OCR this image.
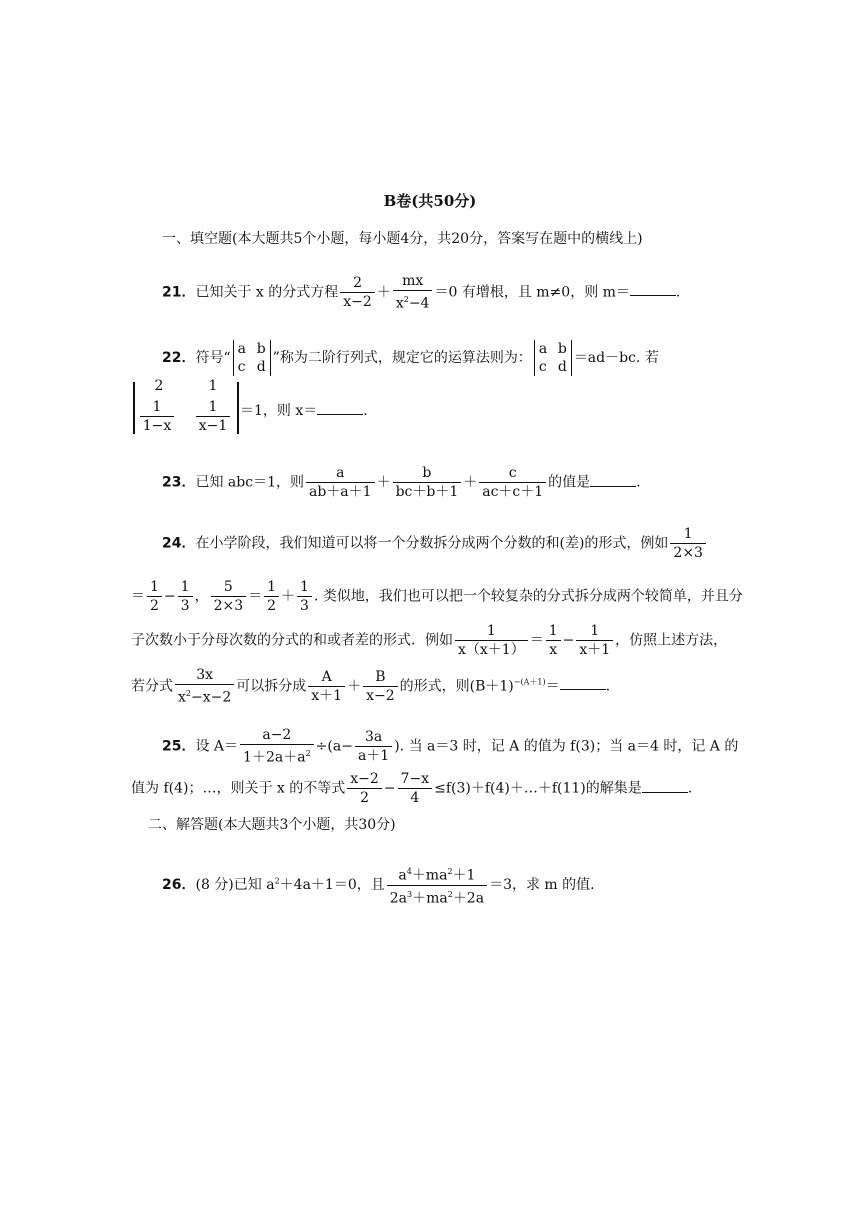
B卷(共50分)
一、填空题(本大题共5个小题，每小题4分，共20分，答案写在题中的横线上)
21．已知关于 x 的分式方程 $\frac{2}{x-2} + \frac{mx}{x^2-4} =0$ 有增根，且 m≠0，则 m＝	.
22．符号“
a b
c d
”称为二阶行列式，规定它的运算法则为：
a b
c d
＝ad－bc. 若
2	1
$\frac{1}{1-x} \frac{1}{x-1} =1$，则 x＝	.
23．已知 abc＝1，则 $\frac{a}{ab+a+1} + \frac{b}{bc+b+1} + \frac{c}{ac+c+1}$ 的值是	.
24．在小学阶段，我们知道可以将一个分数拆分成两个分数的和(差)的形式，例如 $\frac{1}{2\times 3}$
＝ $\frac{1}{2} - \frac{1}{3}$ ， $\frac{5}{2\times 3} = \frac{1}{2} + \frac{1}{3}$ . 类似地，我们也可以把一个较复杂的分式拆分成两个较简单，并且分
子次数小于分母次数的分式的和或者差的形式．例如 $\frac{1}{x(x+1)} = \frac{1}{x} - \frac{1}{x+1}$ ，仿照上述方法，
若分式 $\frac{3x}{x^2-x-2}$ 可以拆分成 $\frac{A}{x+1} + \frac{B}{x-2}$ 的形式，则$(B+1)^{-(A+1)}=$	.
25．设 $A= \frac{a-2}{1+2a+a^2} \div(a- \frac{3a}{a+1}$ ). 当 a＝3 时，记 A 的值为 f(3)；当 a＝4 时，记 A 的
值为 f(4)；…，则关于 x 的不等式 $\frac{x-2}{2} - \frac{7-x}{4}$ ≤f(3)＋f(4)＋…＋f(11)的解集是	.
二、解答题(本大题共3个小题，共30分)
26．(8 分)已知 $a^2+4a+1=0$，且 $\frac{a^4+ma^2+1}{2a^3+ma^2+2a} =3$，求 m 的值.
